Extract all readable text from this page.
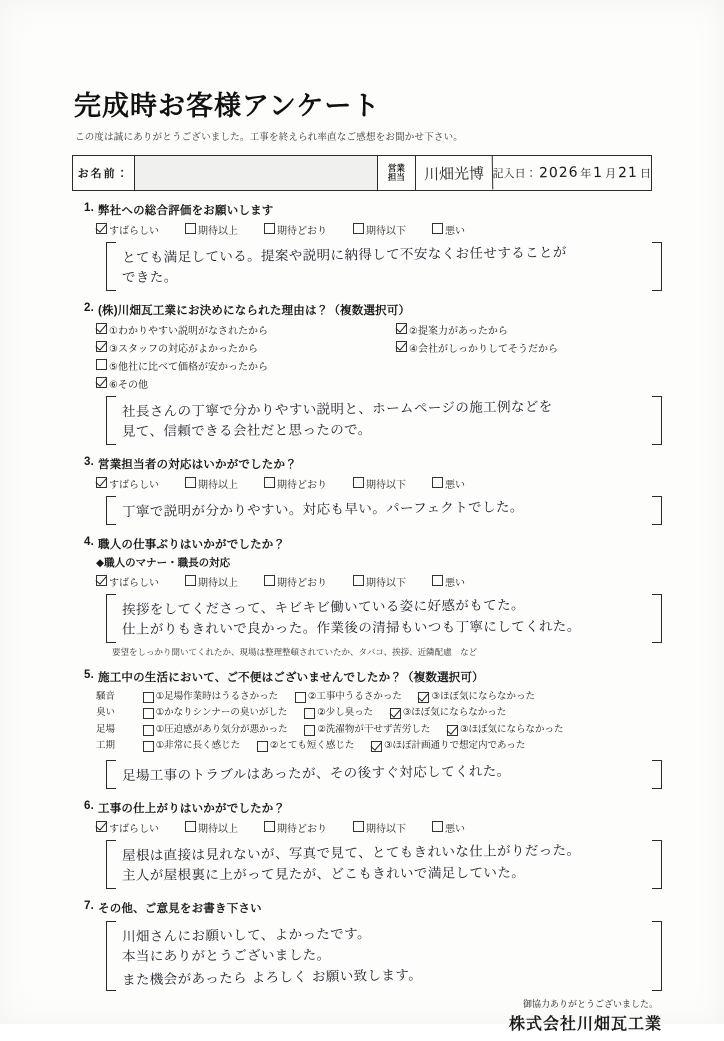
完成時お客様アンケート
この度は誠にありがとうございました。工事を終えられ率直なご感想をお聞かせ下さい。
お名前：	営業
担当	川畑光博 記入日： 2026 年 1 月 21 日
1. 弊社への総合評価をお願いします
すばらしい	期待以上	期待どおり	期待以下	悪い
とても満足している。提案や説明に納得して不安なくお任せすることが
できた。
2. (株)川畑瓦工業にお決めになられた理由は？（複数選択可）
①わかりやすい説明がなされたから	②提案力があったから
③スタッフの対応がよかったから	④会社がしっかりしてそうだから
⑤他社に比べて価格が安かったから
⑥その他
社長さんの丁寧で分かりやすい説明と、ホームページの施工例などを
見て、信頼できる会社だと思ったので。
3. 営業担当者の対応はいかがでしたか？
すばらしい	期待以上	期待どおり	期待以下	悪い
丁寧で説明が分かりやすい。対応も早い。パーフェクトでした。
4. 職人の仕事ぶりはいかがでしたか？
◆職人のマナー・職長の対応
すばらしい	期待以上	期待どおり	期待以下	悪い
挨拶をしてくださって、キビキビ働いている姿に好感がもてた。
仕上がりもきれいで良かった。作業後の清掃もいつも丁寧にしてくれた。
要望をしっかり聞いてくれたか、現場は整理整頓されていたか、タバコ、挨拶、近隣配慮　など
5. 施工中の生活において、ご不便はございませんでしたか？（複数選択可）
騒音	①足場作業時はうるさかった	②工事中うるさかった	③ほぼ気にならなかった
臭い	①かなりシンナーの臭いがした	②少し臭った	③ほぼ気にならなかった
足場	①圧迫感があり気分が悪かった	②洗濯物が干せず苦労した	③ほぼ気にならなかった
工期	①非常に長く感じた	②とても短く感じた	③ほぼ計画通りで想定内であった
足場工事のトラブルはあったが、その後すぐ対応してくれた。
6. 工事の仕上がりはいかがでしたか？
すばらしい	期待以上	期待どおり	期待以下	悪い
屋根は直接は見れないが、写真で見て、とてもきれいな仕上がりだった。
主人が屋根裏に上がって見たが、どこもきれいで満足していた。
7. その他、ご意見をお書き下さい
川畑さんにお願いして、よかったです。
本当にありがとうございました。
また機会があったら よろしく お願い致します。
御協力ありがとうございました。
株式会社川畑瓦工業
